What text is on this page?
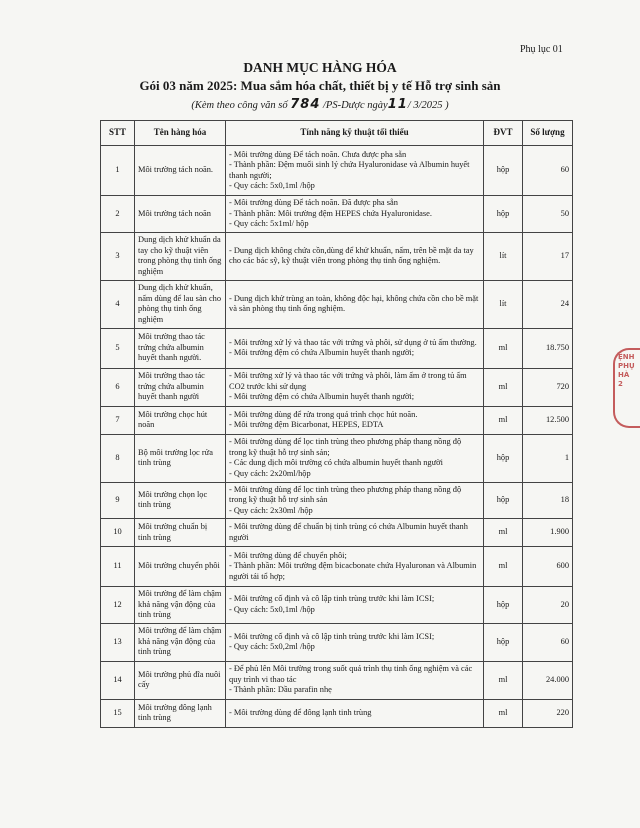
Phụ lục 01
DANH MỤC HÀNG HÓA
Gói 03 năm 2025: Mua sắm hóa chất, thiết bị y tế Hỗ trợ sinh sản
(Kèm theo công văn số 784 /PS-Dược ngày11/ 3/2025 )
STT	Tên hàng hóa	Tính năng kỹ thuật tối thiểu	ĐVT	Số lượng
1	Môi trường tách noãn.	- Môi trường dùng Để tách noãn. Chưa được pha sẵn
- Thành phần: Đệm muối sinh lý chứa Hyaluronidase và Albumin huyết thanh người;
- Quy cách: 5x0,1ml /hộp	hộp	60
2	Môi trường tách noãn	- Môi trường dùng Để tách noãn. Đã được pha sẵn
- Thành phần: Môi trường đệm HEPES chứa Hyaluronidase.
- Quy cách: 5x1ml/ hộp	hộp	50
3	Dung dịch khử khuẩn da tay cho kỹ thuật viên trong phòng thụ tinh ống nghiệm	- Dung dịch không chứa cồn,dùng để khử khuẩn, nấm, trên bề mặt da tay cho các bác sỹ, kỹ thuật viên trong phòng thụ tinh ống nghiệm.	lít	17
4	Dung dịch khử khuẩn, nấm dùng để lau sàn cho phòng thụ tinh ống nghiệm	- Dung dịch khử trùng an toàn, không độc hại, không chứa cồn cho bề mặt và sàn phòng thụ tinh ống nghiệm.	lít	24
5	Môi trường thao tác trứng chứa albumin huyết thanh người.	- Môi trường xử lý và thao tác với trứng và phôi, sử dụng ở tủ ấm thường.
- Môi trường đệm có chứa Albumin huyết thanh người;	ml	18.750
6	Môi trường thao tác trứng chứa albumin huyết thanh người	- Môi trường xử lý và thao tác với trứng và phôi, làm ấm ở trong tủ ấm CO2 trước khi sử dụng
- Môi trường đệm có chứa Albumin huyết thanh người;	ml	720
7	Môi trường chọc hút noãn	- Môi trường dùng để rửa trong quá trình chọc hút noãn.
- Môi trường đệm Bicarbonat, HEPES, EDTA	ml	12.500
8	Bộ môi trường lọc rửa tinh trùng	- Môi trường dùng để lọc tinh trùng theo phương pháp thang nồng độ trong kỹ thuật hỗ trợ sinh sản;
- Các dung dịch môi trường có chứa albumin huyết thanh người
- Quy cách: 2x20ml/hộp	hộp	1
9	Môi trường chọn lọc tinh trùng	- Môi trường dùng để lọc tinh trùng theo phương pháp thang nồng độ trong kỹ thuật hỗ trợ sinh sản
- Quy cách: 2x30ml /hộp	hộp	18
10	Môi trường chuẩn bị tinh trùng	- Môi trường dùng để chuẩn bị tinh trùng có chứa Albumin huyết thanh người	ml	1.900
11	Môi trường chuyển phôi	- Môi trường dùng để chuyển phôi;
- Thành phần: Môi trường đệm bicacbonate chứa Hyaluronan và Albumin người tái tổ hợp;	ml	600
12	Môi trường để làm chậm khả năng vận động của tinh trùng	- Môi trường cố định và cô lập tinh trùng trước khi làm ICSI;
- Quy cách: 5x0,1ml /hộp	hộp	20
13	Môi trường để làm chậm khả năng vận động của tinh trùng	- Môi trường cố định và cô lập tinh trùng trước khi làm ICSI;
- Quy cách: 5x0,2ml /hộp	hộp	60
14	Môi trường phủ đĩa nuôi cấy	- Để phủ lên Môi trường trong suốt quá trình thụ tinh ống nghiệm và các quy trình vi thao tác
- Thành phần: Dầu parafin nhẹ	ml	24.000
15	Môi trường đông lạnh tinh trùng	- Môi trường dùng để đông lạnh tinh trùng	ml	220
ỆNH
PHỤ
HÀ
2
